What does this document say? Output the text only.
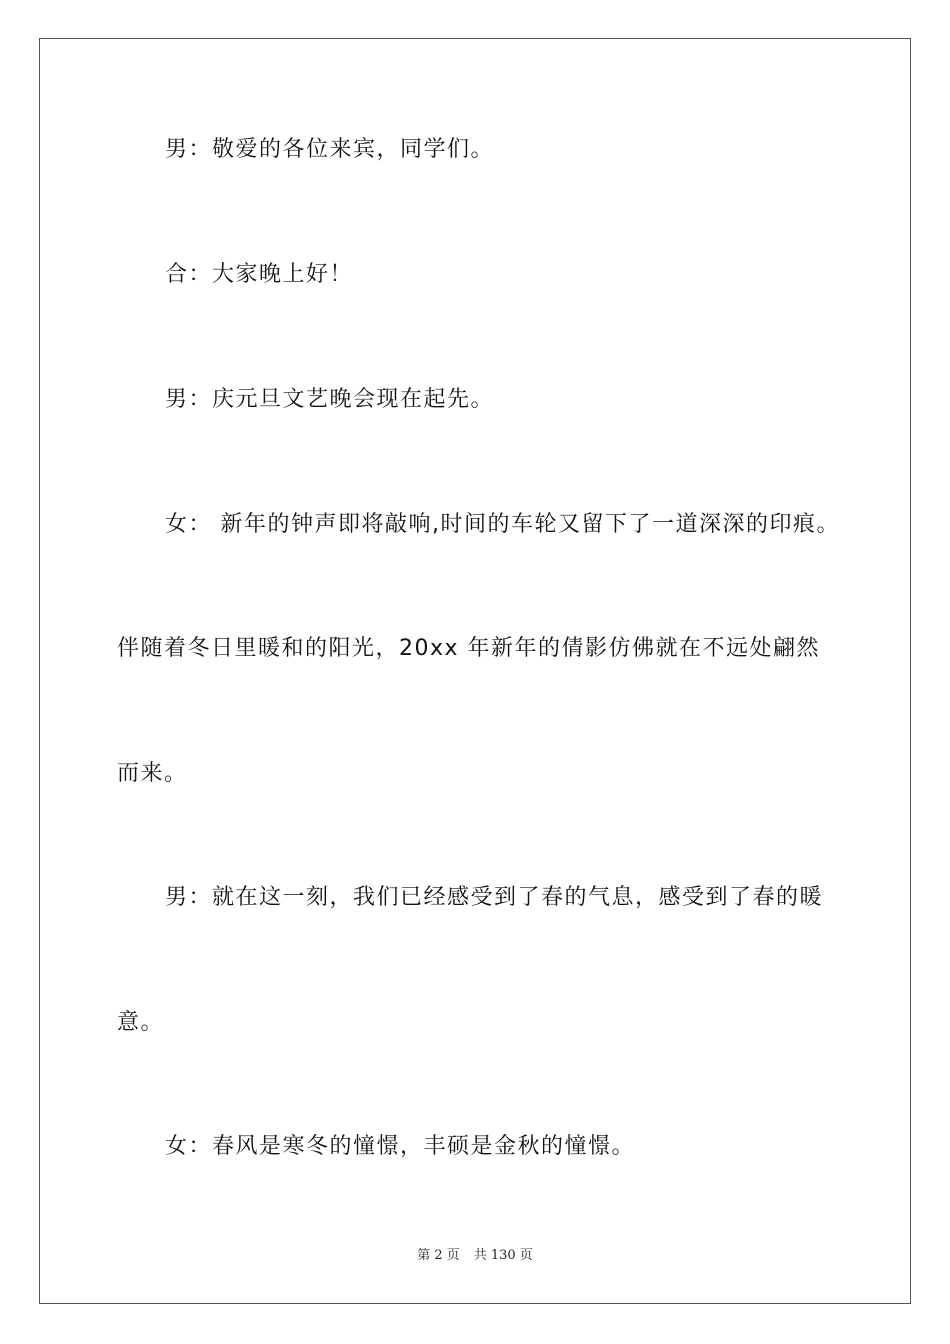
男：敬爱的各位来宾，同学们。
合：大家晚上好！
男：庆元旦文艺晚会现在起先。
女： 新年的钟声即将敲响,时间的车轮又留下了一道深深的印痕。
伴随着冬日里暖和的阳光，20xx 年新年的倩影仿佛就在不远处翩然
而来。
男：就在这一刻，我们已经感受到了春的气息，感受到了春的暖
意。
女：春风是寒冬的憧憬，丰硕是金秋的憧憬。
第 2 页 共 130 页
